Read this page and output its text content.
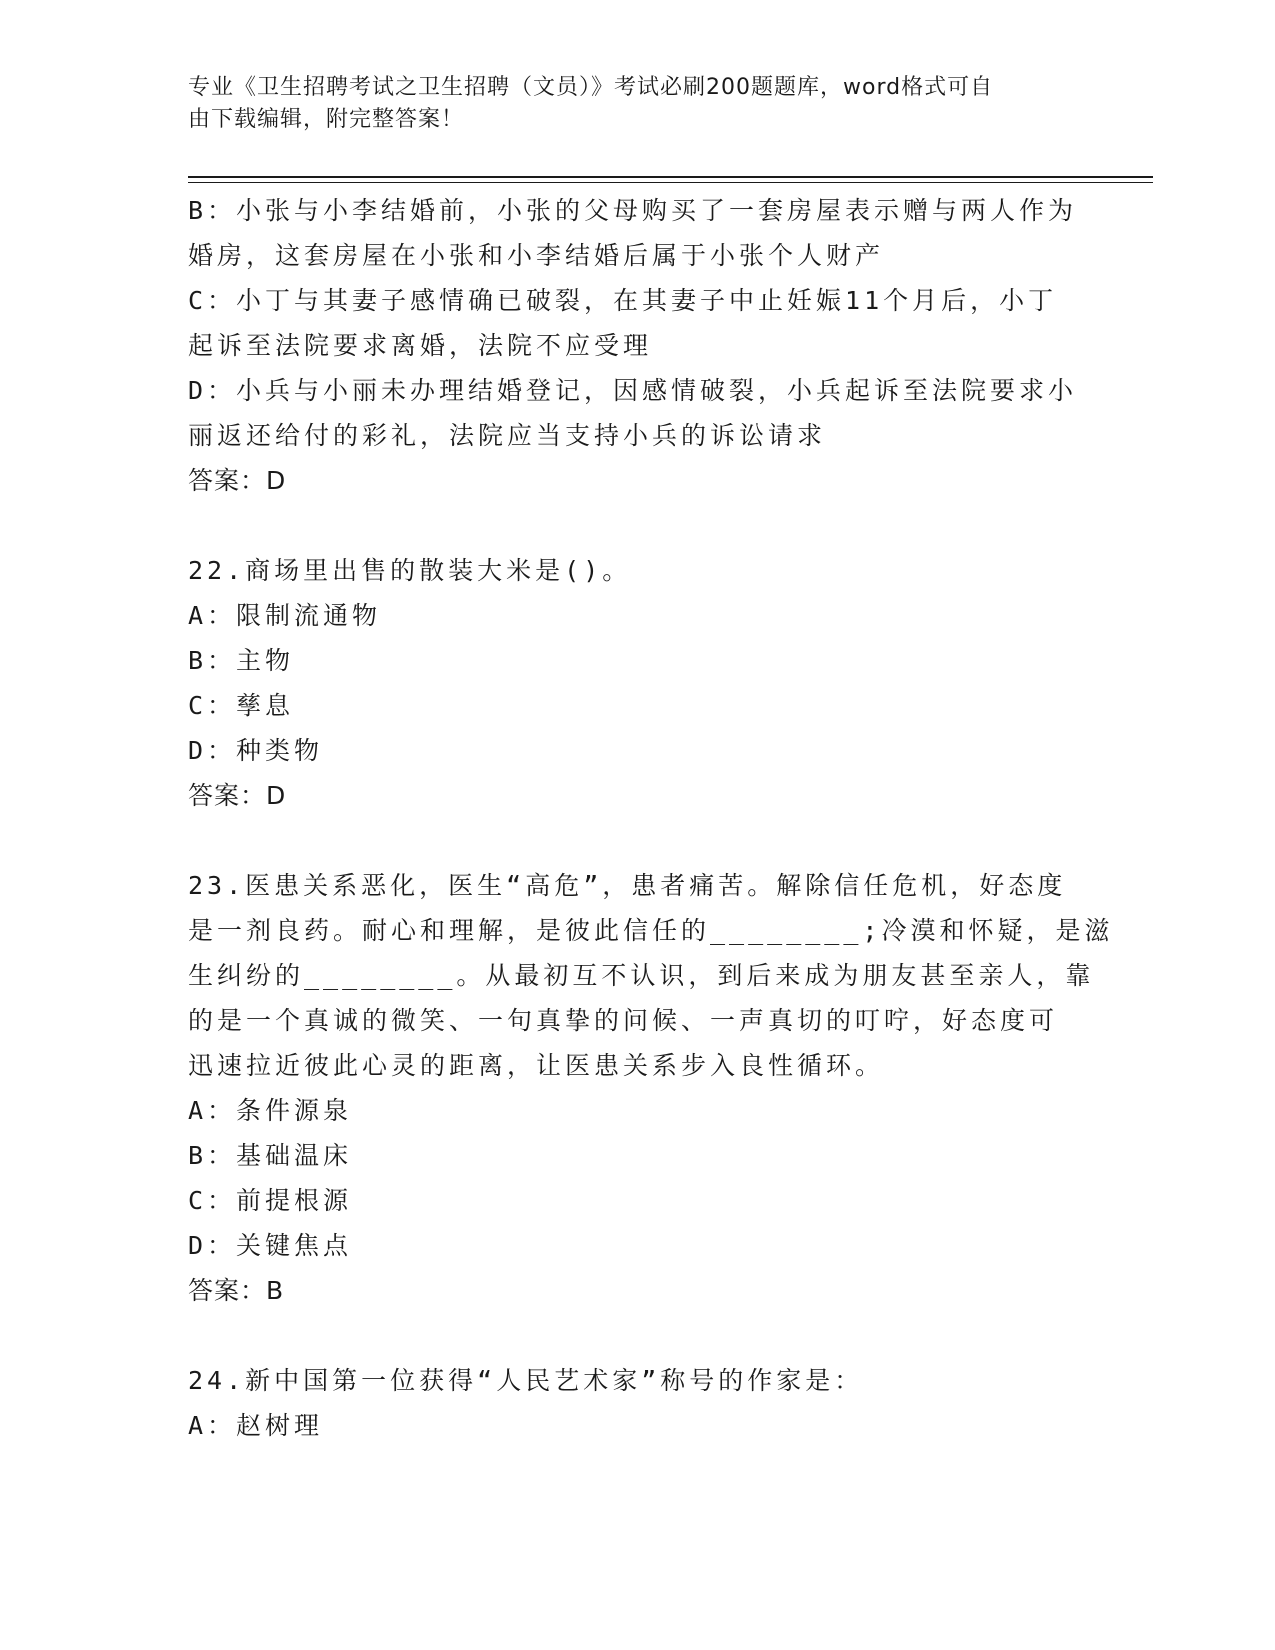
专业《卫生招聘考试之卫生招聘（文员）》考试必刷200题题库，word格式可自
由下载编辑，附完整答案！
B：小张与小李结婚前，小张的父母购买了一套房屋表示赠与两人作为
婚房，这套房屋在小张和小李结婚后属于小张个人财产
C：小丁与其妻子感情确已破裂，在其妻子中止妊娠11个月后，小丁
起诉至法院要求离婚，法院不应受理
D：小兵与小丽未办理结婚登记，因感情破裂，小兵起诉至法院要求小
丽返还给付的彩礼，法院应当支持小兵的诉讼请求
答案：D
22.商场里出售的散装大米是()。
A：限制流通物
B：主物
C：孳息
D：种类物
答案：D
23.医患关系恶化，医生“高危”，患者痛苦。解除信任危机，好态度
是一剂良药。耐心和理解，是彼此信任的________;冷漠和怀疑，是滋
生纠纷的________。从最初互不认识，到后来成为朋友甚至亲人，靠
的是一个真诚的微笑、一句真挚的问候、一声真切的叮咛，好态度可
迅速拉近彼此心灵的距离，让医患关系步入良性循环。
A：条件源泉
B：基础温床
C：前提根源
D：关键焦点
答案：B
24.新中国第一位获得“人民艺术家”称号的作家是：
A：赵树理
